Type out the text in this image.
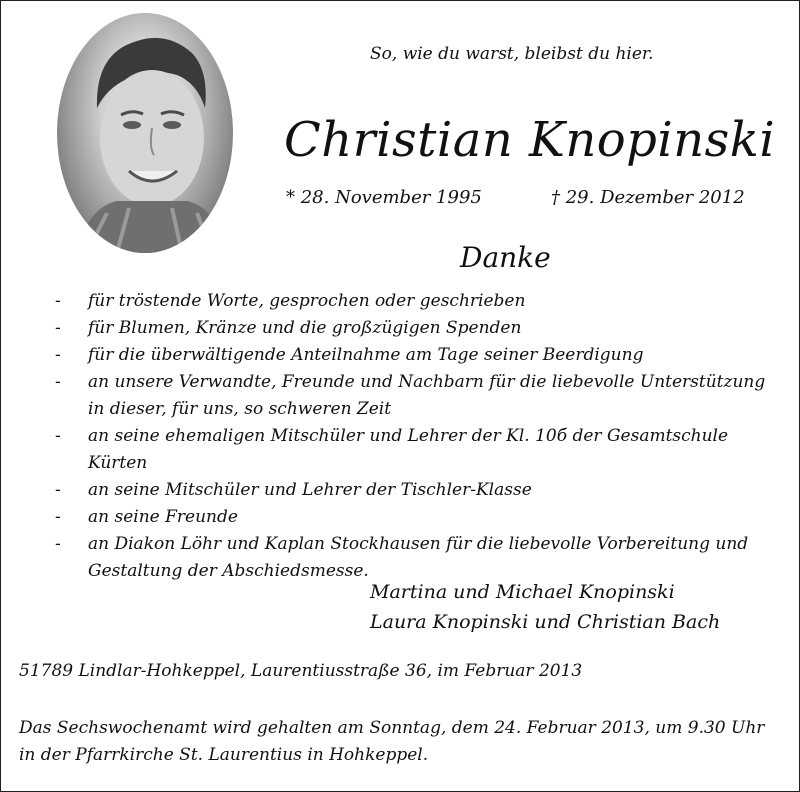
So, wie du warst, bleibst du hier.
Christian Knopinski
* 28. November 1995	† 29. Dezember 2012
Danke
- für tröstende Worte, gesprochen oder geschrieben
- für Blumen, Kränze und die großzügigen Spenden
- für die überwältigende Anteilnahme am Tage seiner Beerdigung
- an unsere Verwandte, Freunde und Nachbarn für die liebevolle Unterstützung in dieser, für uns, so schweren Zeit
- an seine ehemaligen Mitschüler und Lehrer der Kl. 10б der Gesamtschule Kürten
- an seine Mitschüler und Lehrer der Tischler-Klasse
- an seine Freunde
- an Diakon Löhr und Kaplan Stockhausen für die liebevolle Vorbereitung und Gestaltung der Abschiedsmesse.
Martina und Michael Knopinski
Laura Knopinski und Christian Bach
51789 Lindlar-Hohkeppel, Laurentiusstraße 36, im Februar 2013
Das Sechswochenamt wird gehalten am Sonntag, dem 24. Februar 2013, um 9.30 Uhr in der Pfarrkirche St. Laurentius in Hohkeppel.
